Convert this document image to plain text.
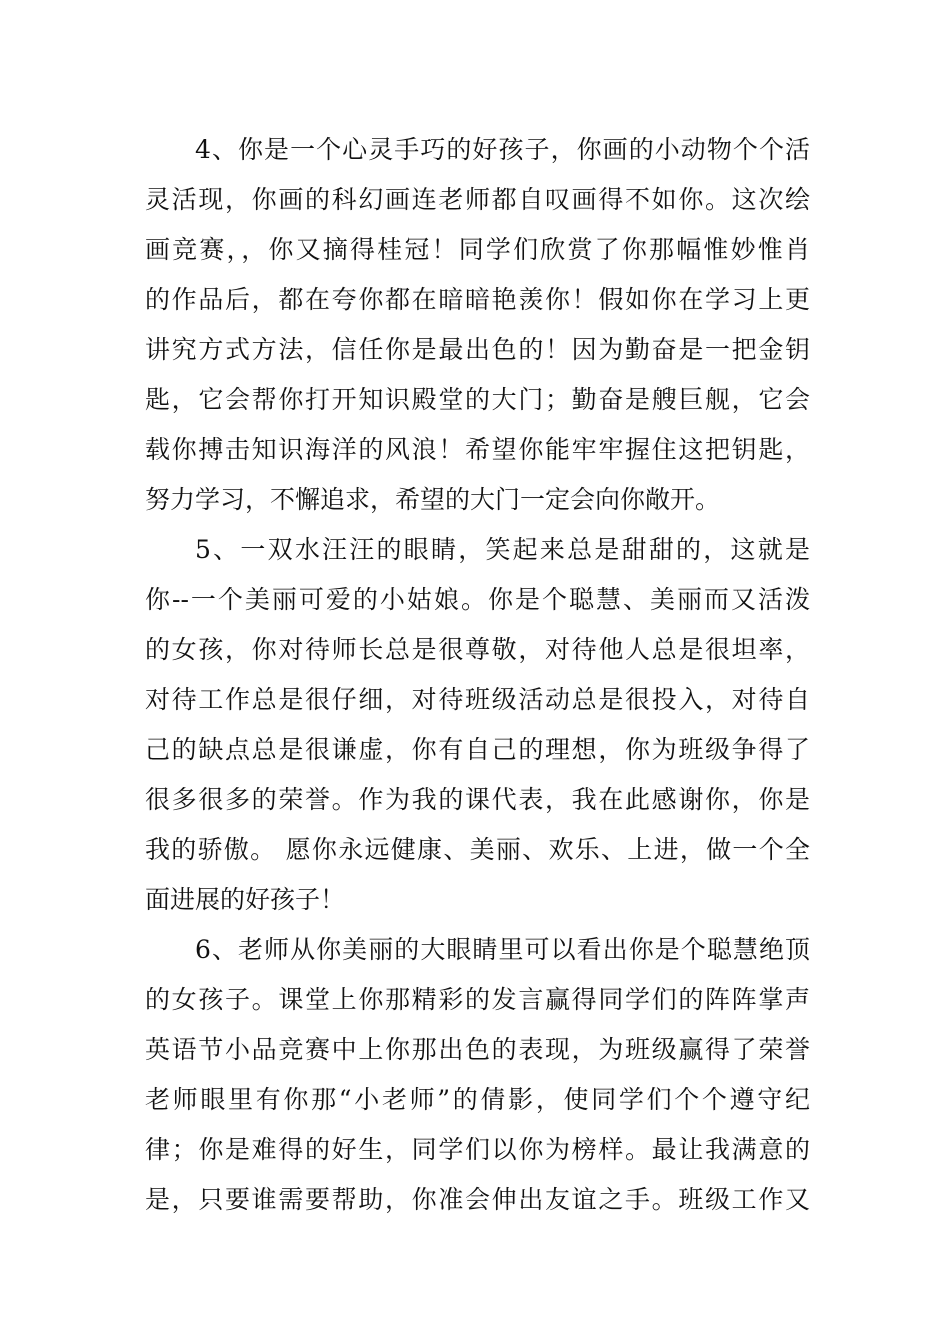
4、你是一个心灵手巧的好孩子，你画的小动物个个活
灵活现，你画的科幻画连老师都自叹画得不如你。这次绘
画竞赛，，你又摘得桂冠！同学们欣赏了你那幅惟妙惟肖
的作品后，都在夸你都在暗暗艳羡你！假如你在学习上更
讲究方式方法，信任你是最出色的！因为勤奋是一把金钥
匙，它会帮你打开知识殿堂的大门；勤奋是艘巨舰，它会
载你搏击知识海洋的风浪！希望你能牢牢握住这把钥匙，
努力学习，不懈追求，希望的大门一定会向你敞开。
5、一双水汪汪的眼睛，笑起来总是甜甜的，这就是
你--一个美丽可爱的小姑娘。你是个聪慧、美丽而又活泼
的女孩，你对待师长总是很尊敬，对待他人总是很坦率，
对待工作总是很仔细，对待班级活动总是很投入，对待自
己的缺点总是很谦虚，你有自己的理想，你为班级争得了
很多很多的荣誉。作为我的课代表，我在此感谢你，你是
我的骄傲。 愿你永远健康、美丽、欢乐、上进，做一个全
面进展的好孩子！
6、老师从你美丽的大眼睛里可以看出你是个聪慧绝顶
的女孩子。课堂上你那精彩的发言赢得同学们的阵阵掌声
英语节小品竞赛中上你那出色的表现，为班级赢得了荣誉
老师眼里有你那“小老师”的倩影，使同学们个个遵守纪
律；你是难得的好生，同学们以你为榜样。最让我满意的
是，只要谁需要帮助，你准会伸出友谊之手。班级工作又
